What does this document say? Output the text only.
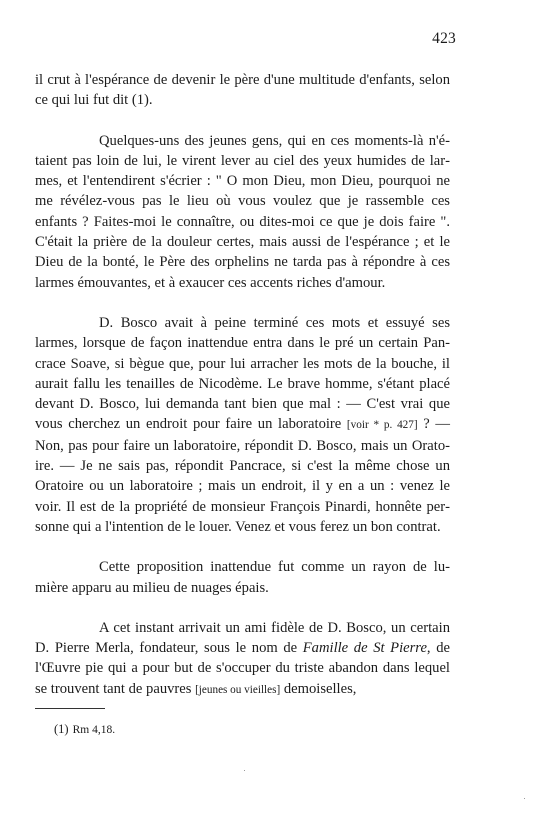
423

il crut à l'espérance de devenir le père d'une multitude d'enfants, selon ce qui lui fut dit (1).

Quelques-uns des jeunes gens, qui en ces moments-là n'étaient pas loin de lui, le virent lever au ciel des yeux humides de larmes, et l'entendirent s'écrier : " O mon Dieu, mon Dieu, pourquoi ne me révélez-vous pas le lieu où vous voulez que je rassemble ces enfants ? Faites-moi le connaître, ou dites-moi ce que je dois faire ". C'était la prière de la douleur certes, mais aussi de l'espérance ; et le Dieu de la bonté, le Père des orphelins ne tarda pas à répondre à ces larmes émouvantes, et à exaucer ces accents riches d'amour.

D. Bosco avait à peine terminé ces mots et essuyé ses larmes, lorsque de façon inattendue entra dans le pré un certain Pancrace Soave, si bègue que, pour lui arracher les mots de la bouche, il aurait fallu les tenailles de Nicodème. Le brave homme, s'étant placé devant D. Bosco, lui demanda tant bien que mal : — C'est vrai que vous cherchez un endroit pour faire un laboratoire [voir * p. 427] ? — Non, pas pour faire un laboratoire, répondit D. Bosco, mais un Oratoire. — Je ne sais pas, répondit Pancrace, si c'est la même chose un Oratoire ou un laboratoire ; mais un endroit, il y en a un : venez le voir. Il est de la propriété de monsieur François Pinardi, honnête personne qui a l'intention de le louer. Venez et vous ferez un bon contrat.

Cette proposition inattendue fut comme un rayon de lumière apparu au milieu de nuages épais.

A cet instant arrivait un ami fidèle de D. Bosco, un certain D. Pierre Merla, fondateur, sous le nom de Famille de St Pierre, de l'Œuvre pie qui a pour but de s'occuper du triste abandon dans lequel se trouvent tant de pauvres [jeunes ou vieilles] demoiselles,

(1) Rm 4,18.
